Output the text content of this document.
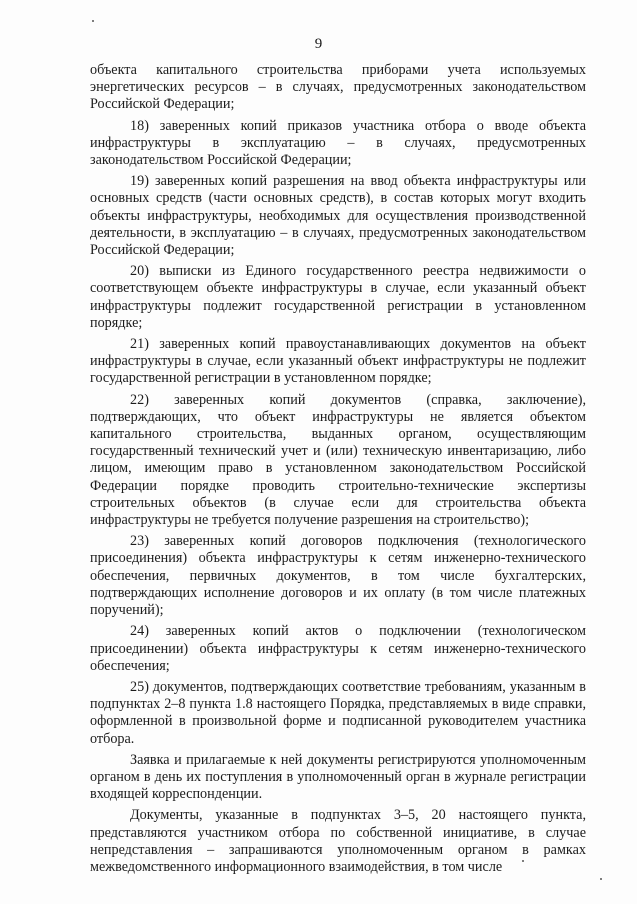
9

объекта капитального строительства приборами учета используемых энергетических ресурсов – в случаях, предусмотренных законодательством Российской Федерации;

18) заверенных копий приказов участника отбора о вводе объекта инфраструктуры в эксплуатацию – в случаях, предусмотренных законодательством Российской Федерации;

19) заверенных копий разрешения на ввод объекта инфраструктуры или основных средств (части основных средств), в состав которых могут входить объекты инфраструктуры, необходимых для осуществления производственной деятельности, в эксплуатацию – в случаях, предусмотренных законодательством Российской Федерации;

20) выписки из Единого государственного реестра недвижимости о соответствующем объекте инфраструктуры в случае, если указанный объект инфраструктуры подлежит государственной регистрации в установленном порядке;

21) заверенных копий правоустанавливающих документов на объект инфраструктуры в случае, если указанный объект инфраструктуры не подлежит государственной регистрации в установленном порядке;

22) заверенных копий документов (справка, заключение), подтверждающих, что объект инфраструктуры не является объектом капитального строительства, выданных органом, осуществляющим государственный технический учет и (или) техническую инвентаризацию, либо лицом, имеющим право в установленном законодательством Российской Федерации порядке проводить строительно-технические экспертизы строительных объектов (в случае если для строительства объекта инфраструктуры не требуется получение разрешения на строительство);

23) заверенных копий договоров подключения (технологического присоединения) объекта инфраструктуры к сетям инженерно-технического обеспечения, первичных документов, в том числе бухгалтерских, подтверждающих исполнение договоров и их оплату (в том числе платежных поручений);

24) заверенных копий актов о подключении (технологическом присоединении) объекта инфраструктуры к сетям инженерно-технического обеспечения;

25) документов, подтверждающих соответствие требованиям, указанным в подпунктах 2–8 пункта 1.8 настоящего Порядка, представляемых в виде справки, оформленной в произвольной форме и подписанной руководителем участника отбора.

Заявка и прилагаемые к ней документы регистрируются уполномоченным органом в день их поступления в уполномоченный орган в журнале регистрации входящей корреспонденции.

Документы, указанные в подпунктах 3–5, 20 настоящего пункта, представляются участником отбора по собственной инициативе, в случае непредставления – запрашиваются уполномоченным органом в рамках межведомственного информационного взаимодействия, в том числе
